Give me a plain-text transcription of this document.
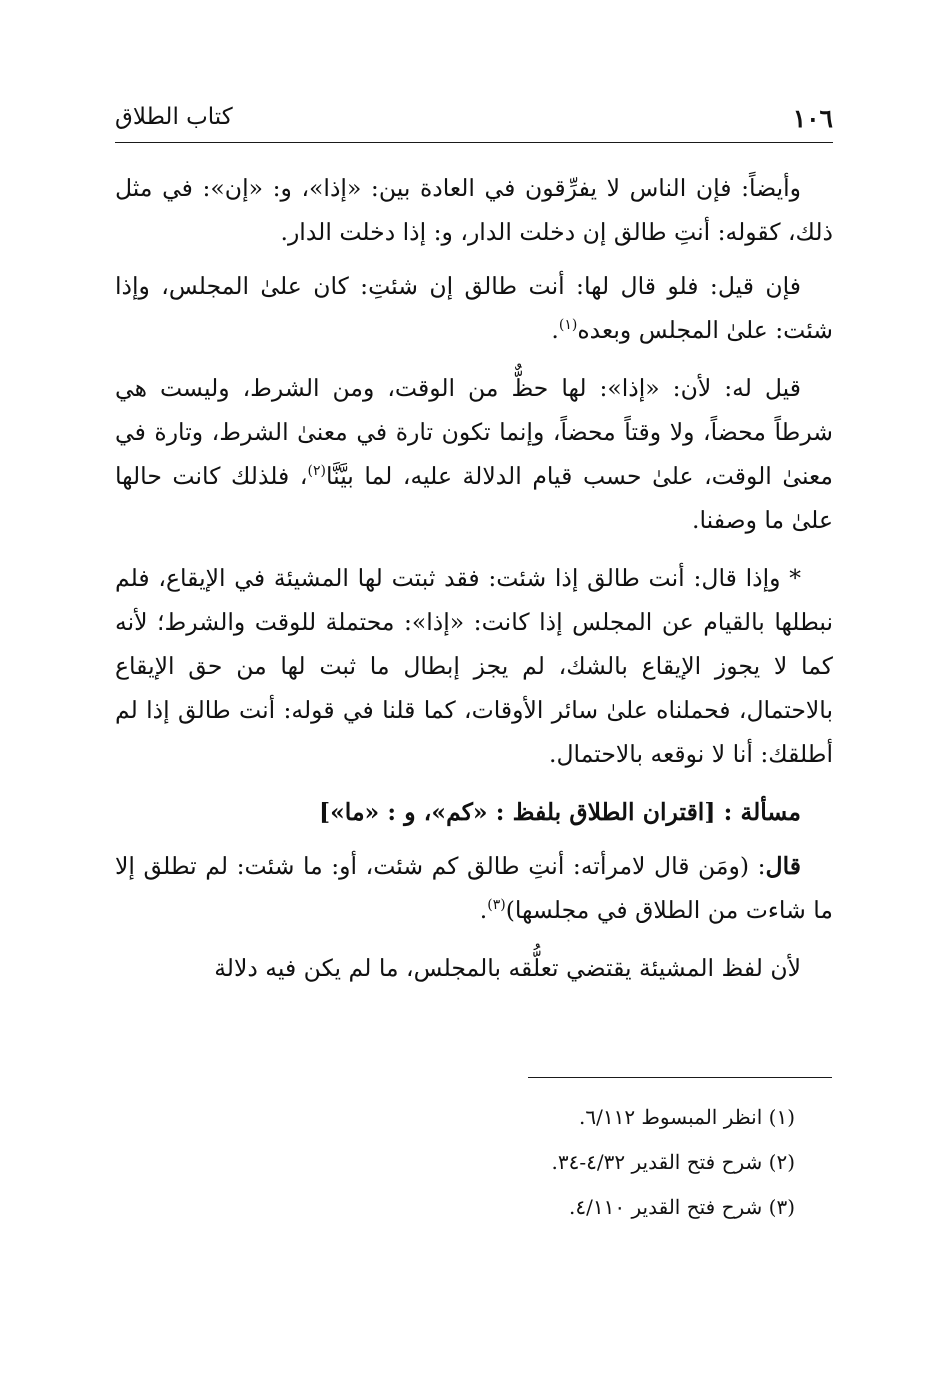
١٠٦
كتاب الطلاق

وأيضاً: فإن الناس لا يفرِّقون في العادة بين: «إذا»، و: «إن»: في مثل ذلك، كقوله: أنتِ طالق إن دخلت الدار، و: إذا دخلت الدار.

فإن قيل: فلو قال لها: أنت طالق إن شئتِ: كان علىٰ المجلس، وإذا شئت: علىٰ المجلس وبعده$^{(١)}$.

قيل له: لأن: «إذا»: لها حظٌّ من الوقت، ومن الشرط، وليست هي شرطاً محضاً، ولا وقتاً محضاً، وإنما تكون تارة في معنىٰ الشرط، وتارة في معنىٰ الوقت، علىٰ حسب قيام الدلالة عليه، لما بيَّنَّا$^{(٢)}$، فلذلك كانت حالها علىٰ ما وصفنا.

* وإذا قال: أنت طالق إذا شئت: فقد ثبتت لها المشيئة في الإيقاع، فلم نبطلها بالقيام عن المجلس إذا كانت: «إذا»: محتملة للوقت والشرط؛ لأنه كما لا يجوز الإيقاع بالشك، لم يجز إبطال ما ثبت لها من حق الإيقاع بالاحتمال، فحملناه علىٰ سائر الأوقات، كما قلنا في قوله: أنت طالق إذا لم أطلقك: أنا لا نوقعه بالاحتمال.

مسألة : [اقتران الطلاق بلفظ : «كم»، و : «ما»]

قال: (ومَن قال لامرأته: أنتِ طالق كم شئت، أو: ما شئت: لم تطلق إلا ما شاءت من الطلاق في مجلسها)$^{(٣)}$.

لأن لفظ المشيئة يقتضي تعلُّقه بالمجلس، ما لم يكن فيه دلالة

(١) انظر المبسوط ٦/١١٢.

(٢) شرح فتح القدير ٤/٣٢-٣٤.

(٣) شرح فتح القدير ٤/١١٠.
